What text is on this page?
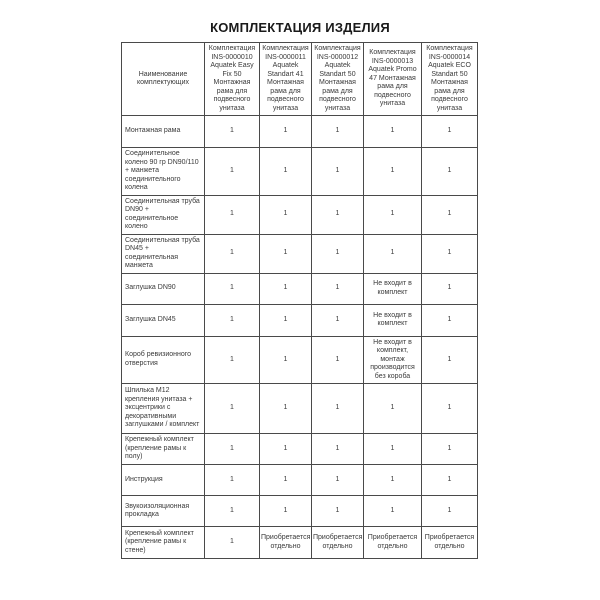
КОМПЛЕКТАЦИЯ ИЗДЕЛИЯ
Наименование комплектующих	Комплектация INS-0000010 Aquatek Easy Fix 50 Монтажная рама для подвесного унитаза	Комплектация INS-0000011 Aquatek Standart 41 Монтажная рама для подвесного унитаза	Комплектация INS-0000012 Aquatek Standart 50 Монтажная рама для подвесного унитаза	Комплектация INS-0000013 Aquatek Promo 47 Монтажная рама для подвесного унитаза	Комплектация INS-0000014 Aquatek ECO Standart 50 Монтажная рама для подвесного унитаза
Монтажная рама	1	1	1	1	1
Соединительное колено 90 гр DN90/110 + манжета соединительного колена	1	1	1	1	1
Соединительная труба DN90 + соединительное колено	1	1	1	1	1
Соединительная труба DN45 + соединительная манжета	1	1	1	1	1
Заглушка DN90	1	1	1	Не входит в комплект	1
Заглушка DN45	1	1	1	Не входит в комплект	1
Короб ревизионного отверстия	1	1	1	Не входит в комплект, монтаж производится без короба	1
Шпилька М12 крепления унитаза + эксцентрики с декоративными заглушками / комплект	1	1	1	1	1
Крепежный комплект (крепление рамы к полу)	1	1	1	1	1
Инструкция	1	1	1	1	1
Звукоизоляционная прокладка	1	1	1	1	1
Крепежный комплект (крепление рамы к стене)	1	Приобретается отдельно	Приобретается отдельно	Приобретается отдельно	Приобретается отдельно
